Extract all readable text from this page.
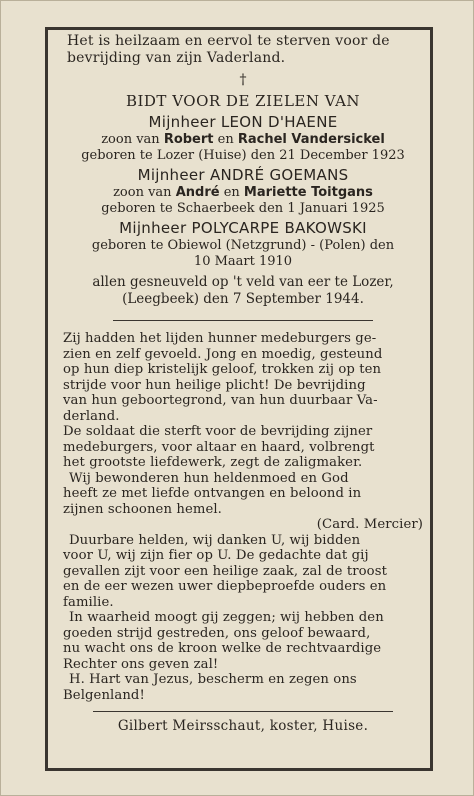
Het is heilzaam en eervol te sterven voor de
bevrijding van zijn Vaderland.
†
BIDT VOOR DE ZIELEN VAN
Mijnheer LEON D'HAENE
zoon van Robert en Rachel Vandersickel
geboren te Lozer (Huise) den 21 December 1923
Mijnheer ANDRÉ GOEMANS
zoon van André en Mariette Toitgans
geboren te Schaerbeek den 1 Januari 1925
Mijnheer POLYCARPE BAKOWSKI
geboren te Obiewol (Netzgrund) - (Polen) den
10 Maart 1910
allen gesneuveld op 't veld van eer te Lozer,
(Leegbeek) den 7 September 1944.
Zij hadden het lijden hunner medeburgers ge-
zien en zelf gevoeld. Jong en moedig, gesteund
op hun diep kristelijk geloof, trokken zij op ten
strijde voor hun heilige plicht! De bevrijding
van hun geboortegrond, van hun duurbaar Va-
derland.
De soldaat die sterft voor de bevrijding zijner
medeburgers, voor altaar en haard, volbrengt
het grootste liefdewerk, zegt de zaligmaker.
Wij bewonderen hun heldenmoed en God
heeft ze met liefde ontvangen en beloond in
zijnen schoonen hemel.
(Card. Mercier)
Duurbare helden, wij danken U, wij bidden
voor U, wij zijn fier op U. De gedachte dat gij
gevallen zijt voor een heilige zaak, zal de troost
en de eer wezen uwer diepbeproefde ouders en
familie.
In waarheid moogt gij zeggen; wij hebben den
goeden strijd gestreden, ons geloof bewaard,
nu wacht ons de kroon welke de rechtvaardige
Rechter ons geven zal!
H. Hart van Jezus, bescherm en zegen ons
Belgenland!
Gilbert Meirsschaut, koster, Huise.
